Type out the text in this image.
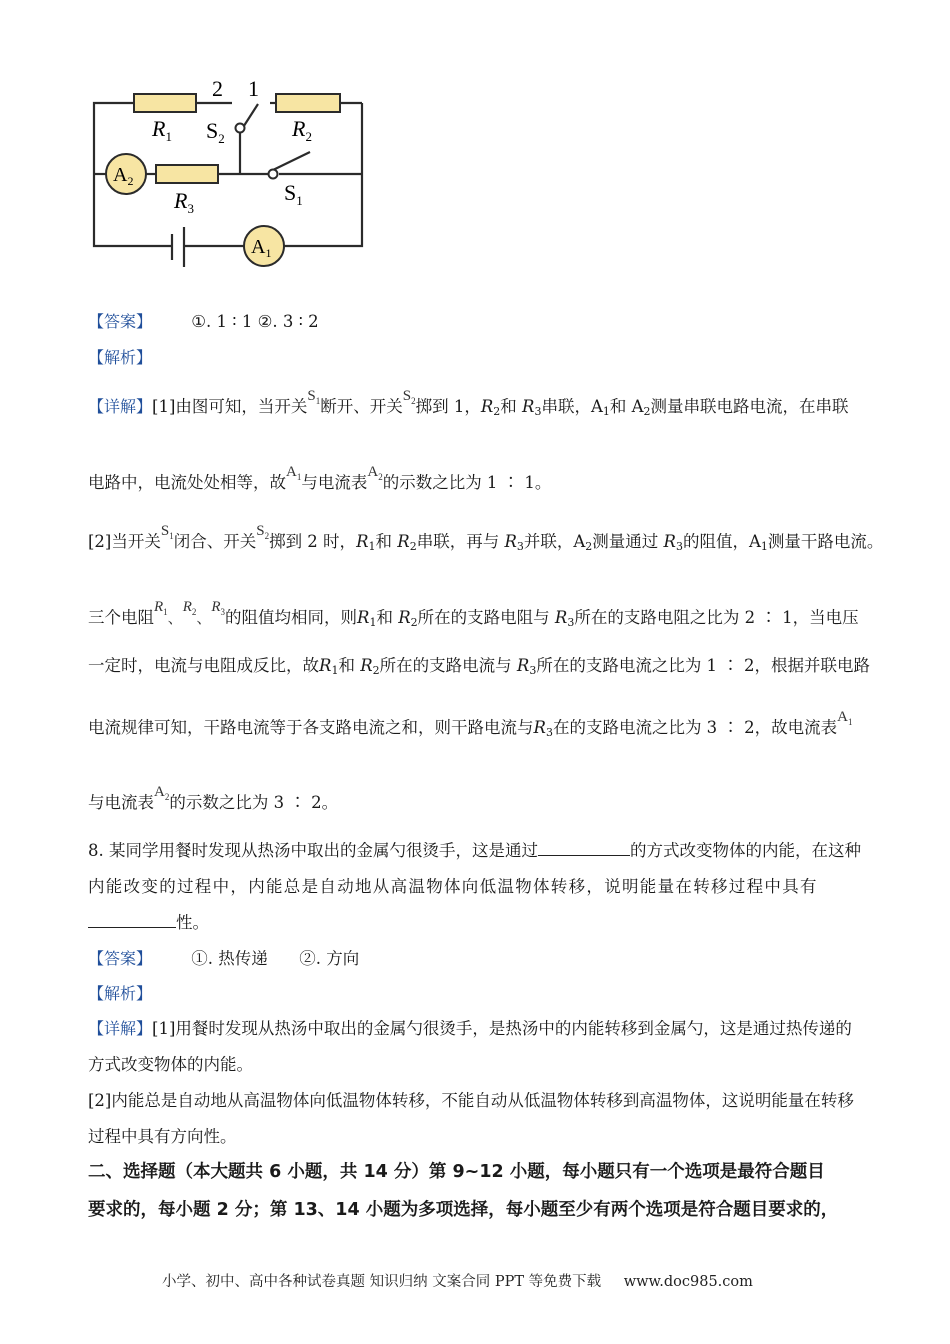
2 1
$R_1$	$R_2$
$R_3$
$S_2$
$S_1$
$A_2$
$A_1$
【答案】 ①. 1 ∶ 1 ②. 3 ∶ 2
【解析】
【详解】[1]由图可知，当开关$S^1$断开、开关$S^2$掷到 1，$R_2$和 $R_3$串联，$A_1$和 $A_2$测量串联电路电流，在串联
电路中，电流处处相等，故$A^1$与电流表$A^2$的示数之比为 1 ∶ 1。
[2]当开关$S^1$闭合、开关$S^2$掷到 2 时，$R_1$和 $R_2$串联，再与 $R_3$并联，$A_2$测量通过 $R_3$的阻值，$A_1$测量干路电流。
三个电阻$R^1$、$R^2$、$R^3$的阻值均相同，则$R_1$和 $R_2$所在的支路电阻与 $R_3$所在的支路电阻之比为 2 ∶ 1，当电压
一定时，电流与电阻成反比，故$R_1$和 $R_2$所在的支路电流与 $R_3$所在的支路电流之比为 1 ∶ 2，根据并联电路
电流规律可知，干路电流等于各支路电流之和，则干路电流与$R_3$在的支路电流之比为 3 ∶ 2，故电流表$A^1$
与电流表$A^2$的示数之比为 3 ∶ 2。
8. 某同学用餐时发现从热汤中取出的金属勺很烫手，这是通过	的方式改变物体的内能，在这种
内能改变的过程中，内能总是自动地从高温物体向低温物体转移，说明能量在转移过程中具有
性。
【答案】 ①. 热传递      ②. 方向
【解析】
【详解】[1]用餐时发现从热汤中取出的金属勺很烫手，是热汤中的内能转移到金属勺，这是通过热传递的
方式改变物体的内能。
[2]内能总是自动地从高温物体向低温物体转移，不能自动从低温物体转移到高温物体，这说明能量在转移
过程中具有方向性。
二、选择题（本大题共 6 小题，共 14 分）第 9~12 小题，每小题只有一个选项是最符合题目
要求的，每小题 2 分；第 13、14 小题为多项选择，每小题至少有两个选项是符合题目要求的，
小学、初中、高中各种试卷真题 知识归纳 文案合同 PPT 等免费下载 www.doc985.com
